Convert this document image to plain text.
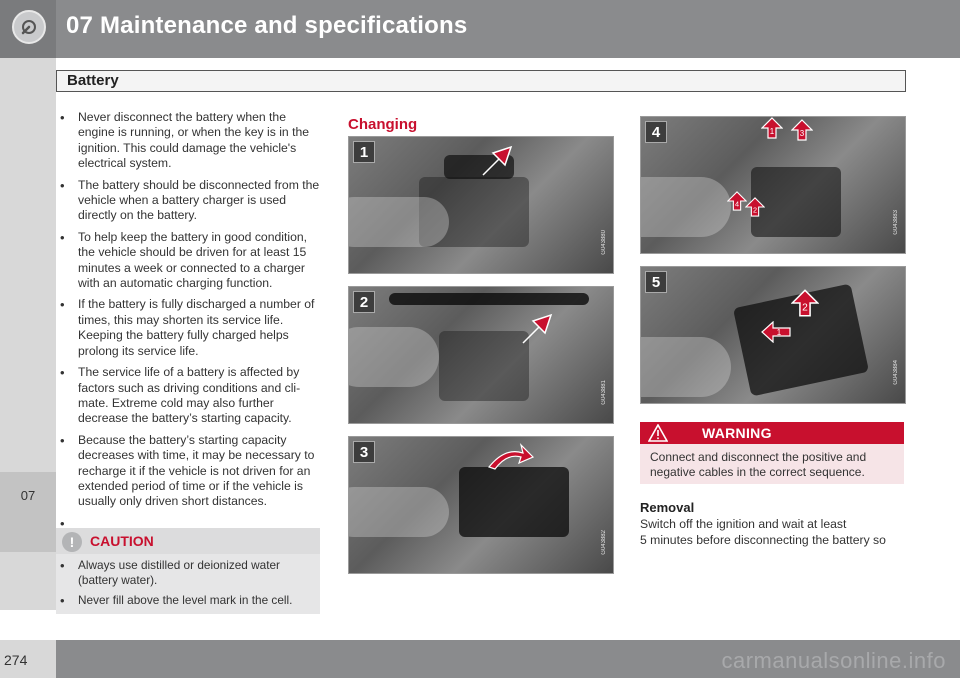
07 Maintenance and specifications
07
Battery
• Never disconnect the battery when the engine is running, or when the key is in the ignition. This could damage the vehicle's electrical system.
• The battery should be disconnected from the vehicle when a battery charger is used directly on the battery.
• To help keep the battery in good condition, the vehicle should be driven for at least 15 minutes a week or connected to a charger with an automatic charging function.
• If the battery is fully discharged a number of times, this may shorten its service life. Keeping the battery fully charged helps prolong its service life.
• The service life of a battery is affected by factors such as driving conditions and cli-mate. Extreme cold may also further decrease the battery’s starting capacity.
• Because the battery’s starting capacity decreases with time, it may be necessary to recharge it if the vehicle is not driven for an extended period of time or if the vehicle is usually only driven short distances.
•
!	CAUTION
• Always use distilled or deionized water (battery water).
• Never fill above the level mark in the cell.
Changing
1
G043880
2
G043881
3
G043882
4	1	3
4
2
G043883
5
2
1
G043884
WARNING
Connect and disconnect the positive and negative cables in the correct sequence.
Removal
Switch off the ignition and wait at least
5 minutes before disconnecting the battery so
274	carmanualsonline.info
